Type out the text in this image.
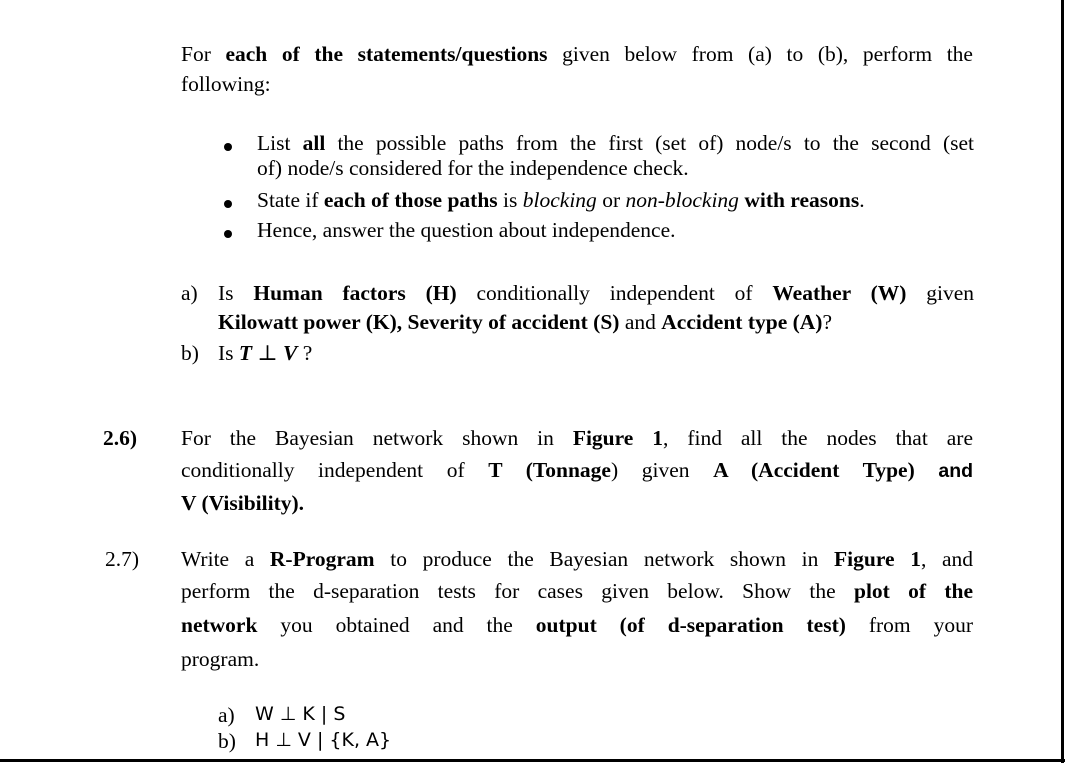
For each of the statements/questions given below from (a) to (b), perform the
following:
List all the possible paths from the first (set of) node/s to the second (set
of) node/s considered for the independence check.
State if each of those paths is blocking or non-blocking with reasons.
Hence, answer the question about independence.
a) Is Human factors (H) conditionally independent of Weather (W) given
Kilowatt power (K), Severity of accident (S) and Accident type (A)?
b) Is T ⊥ V ?
2.6) For the Bayesian network shown in Figure 1, find all the nodes that are
conditionally independent of T (Tonnage) given A (Accident Type) and
V (Visibility).
2.7) Write a R-Program to produce the Bayesian network shown in Figure 1, and
perform the d-separation tests for cases given below. Show the plot of the
network you obtained and the output (of d-separation test) from your
program.
a) W ⊥ K | S
b) H ⊥ V | {K, A}
